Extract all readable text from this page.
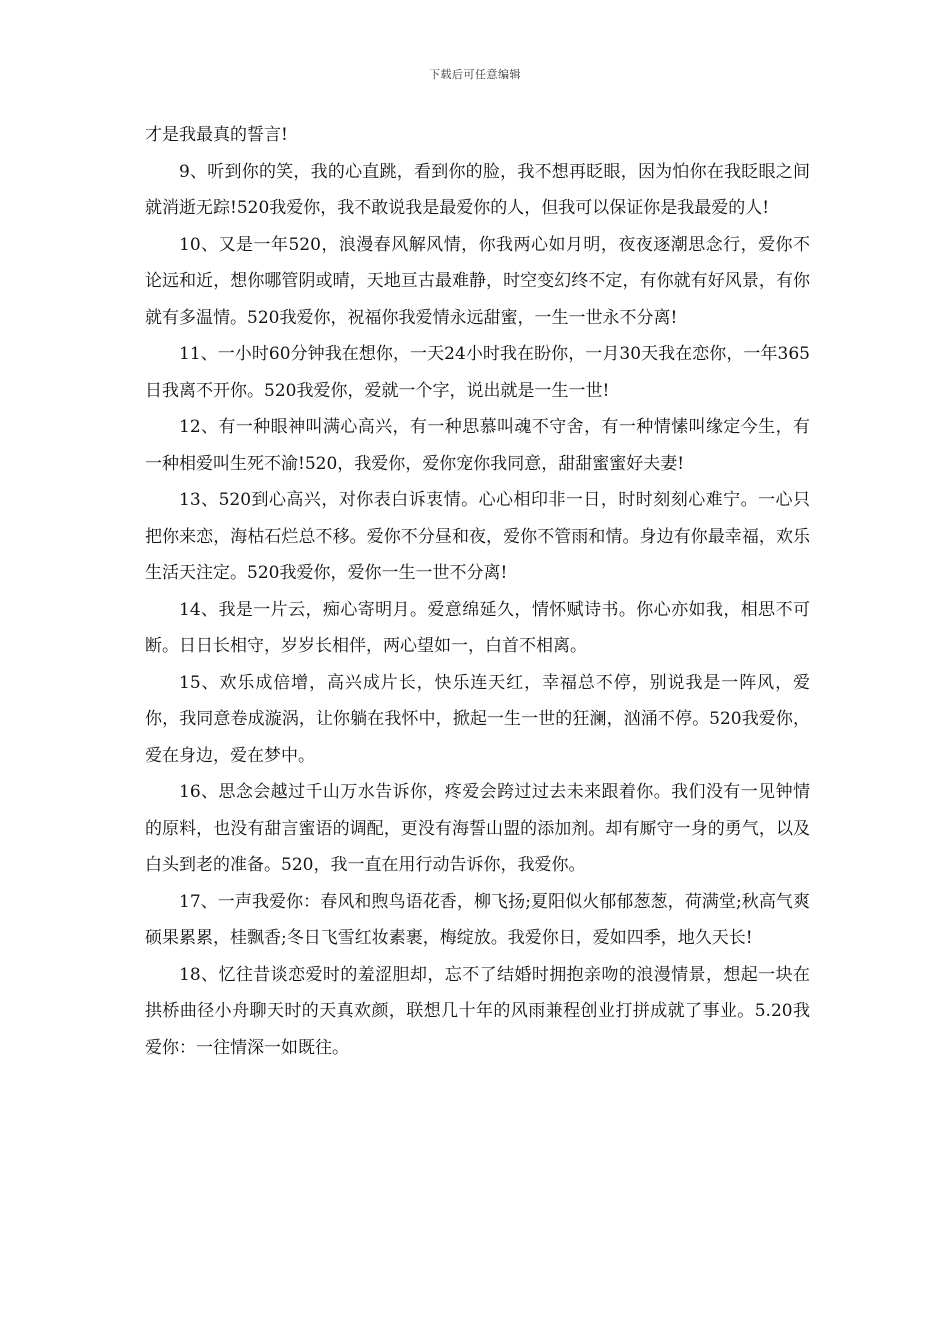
下载后可任意编辑

才是我最真的誓言!

9、听到你的笑，我的心直跳，看到你的脸，我不想再眨眼，因为怕你在我眨眼之间就消逝无踪!520我爱你，我不敢说我是最爱你的人，但我可以保证你是我最爱的人!

10、又是一年520，浪漫春风解风情，你我两心如月明，夜夜逐潮思念行，爱你不论远和近，想你哪管阴或晴，天地亘古最难静，时空变幻终不定，有你就有好风景，有你就有多温情。520我爱你，祝福你我爱情永远甜蜜，一生一世永不分离!

11、一小时60分钟我在想你，一天24小时我在盼你，一月30天我在恋你，一年365日我离不开你。520我爱你，爱就一个字，说出就是一生一世!

12、有一种眼神叫满心高兴，有一种思慕叫魂不守舍，有一种情愫叫缘定今生，有一种相爱叫生死不渝!520，我爱你，爱你宠你我同意，甜甜蜜蜜好夫妻!

13、520到心高兴，对你表白诉衷情。心心相印非一日，时时刻刻心难宁。一心只把你来恋，海枯石烂总不移。爱你不分昼和夜，爱你不管雨和情。身边有你最幸福，欢乐生活天注定。520我爱你，爱你一生一世不分离!

14、我是一片云，痴心寄明月。爱意绵延久，情怀赋诗书。你心亦如我，相思不可断。日日长相守，岁岁长相伴，两心望如一，白首不相离。

15、欢乐成倍增，高兴成片长，快乐连天红，幸福总不停，别说我是一阵风，爱你，我同意卷成漩涡，让你躺在我怀中，掀起一生一世的狂澜，汹涌不停。520我爱你，爱在身边，爱在梦中。

16、思念会越过千山万水告诉你，疼爱会跨过过去未来跟着你。我们没有一见钟情的原料，也没有甜言蜜语的调配，更没有海誓山盟的添加剂。却有厮守一身的勇气，以及白头到老的准备。520，我一直在用行动告诉你，我爱你。

17、一声我爱你：春风和煦鸟语花香，柳飞扬;夏阳似火郁郁葱葱，荷满堂;秋高气爽硕果累累，桂飘香;冬日飞雪红妆素裹，梅绽放。我爱你日，爱如四季，地久天长!

18、忆往昔谈恋爱时的羞涩胆却，忘不了结婚时拥抱亲吻的浪漫情景，想起一块在拱桥曲径小舟聊天时的天真欢颜，联想几十年的风雨兼程创业打拼成就了事业。5.20我爱你：一往情深一如既往。
